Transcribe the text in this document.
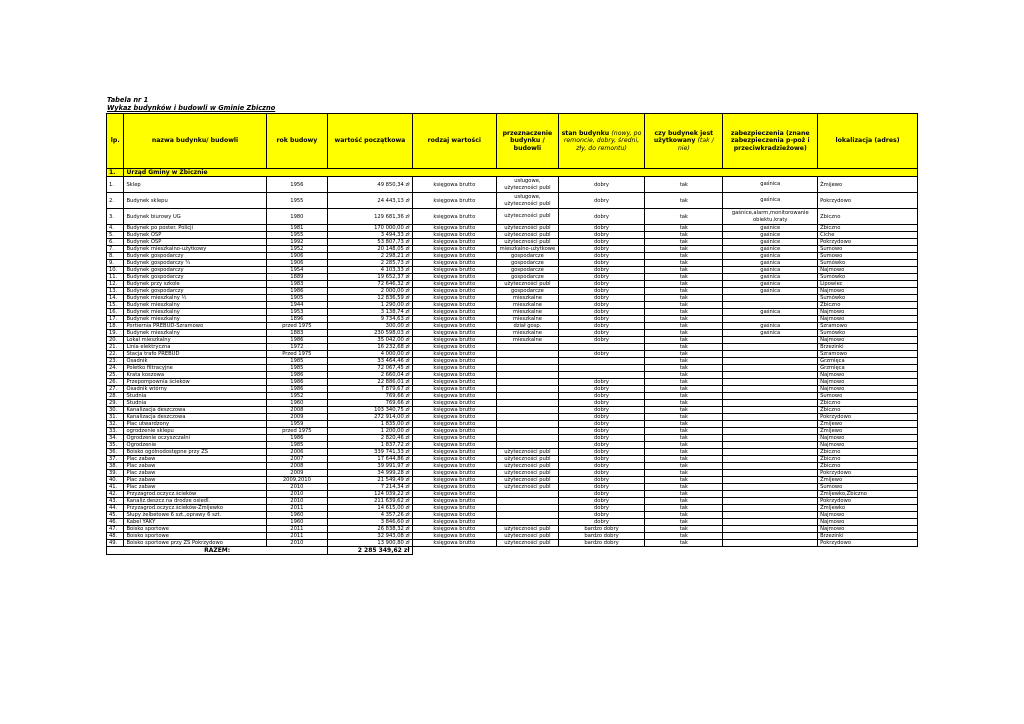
Tabela nr 1
Wykaz budynków i budowli w Gminie Zbiczno
lp.	nazwa budynku/ budowli	rok budowy	wartość początkowa	rodzaj wartości	przeznaczenie budynku / budowli	stan budynku (nowy, po remoncie, dobry, średni, zły, do remontu)	czy budynek jest użytkowany (tak / nie)	zabezpieczenia (znane zabezpieczenia p-poż i przeciwkradzieżowe)	lokalizacja (adres)
1.	Urząd Gminy w Zbicznie								
1.	Sklep	1956	49 850,34 zł	księgowa brutto	usługowe, użyteczności publ	dobry	tak	gaśnica	Żmijewo
2.	Budynek sklepu	1955	24 443,13 zł	księgowa brutto	usługowe, użyteczności publ	dobry	tak	gaśnica	Pokrzydowo
3.	Budynek biurowy UG	1980	129 681,36 zł	księgowa brutto	użyteczności publ	dobry	tak	gaśnice,alarm,monitorowanie obiektu,kraty	Zbiczno
4.	Budynek po poster. Policji	1981	170 000,00 zł	księgowa brutto	użyteczności publ	dobry	tak	gaśnice	Zbiczno
5.	Budynek OSP	1955	3 494,33 zł	księgowa brutto	użyteczności publ	dobry	tak	gaśnice	Ciche
6.	Budynek OSP	1992	53 807,73 zł	księgowa brutto	użyteczności publ	dobry	tak	gaśnice	Pokrzydowo
7.	Budynek mieszkalno-użytkowy	1952	20 148,05 zł	księgowa brutto	mieszkalno-użytkowe	dobry	tak	gaśnice	Sumowo
8.	Budynek gospodarczy	1906	2 298,21 zł	księgowa brutto	gospodarcze	dobry	tak	gaśnica	Sumowo
9.	Budynek gospodarczy ¼	1906	2 285,73 zł	księgowa brutto	gospodarcze	dobry	tak	gaśnica	Sumówko
10.	Budynek gospodarczy	1954	4 103,33 zł	księgowa brutto	gospodarcze	dobry	tak	gaśnica	Najmowo
11.	Budynek gospodarczy	1889	19 652,37 zł	księgowa brutto	gospodarcze	dobry	tak	gaśnica	Sumówko
12.	Budynek przy szkole	1983	72 646,32 zł	księgowa brutto	użyteczności publ	dobry	tak	gaśnica	Lipowiec
13.	Budynek gospodarczy	1986	2 000,00 zł	księgowa brutto	gospodarcze	dobry	tak	gaśnica	Najmowo
14.	Budynek mieszkalny ½	1905	12 836,59 zł	księgowa brutto	mieszkalne	dobry	tak		Sumówko
15.	Budynek mieszkalny	1944	1 290,00 zł	księgowa brutto	mieszkalne	dobry	tak		Zbiczno
16.	Budynek mieszkalny	1953	3 138,74 zł	księgowa brutto	mieszkalne	dobry	tak	gaśnica	Najmowo
17.	Budynek mieszkalny	1896	9 734,63 zł	księgowa brutto	mieszkalne	dobry	tak		Najmowo
18.	Portiernia PREBUD-Szramowo	przed 1975	300,00 zł	księgowa brutto	dział gosp.	dobry	tak	gaśnica	Szramowo
19.	Budynek mieszkalny	1883	230 598,03 zł	księgowa brutto	mieszkalne	dobry	tak	gaśnica	Sumówko
20.	Lokal mieszkalny	1986	35 042,00 zł	księgowa brutto	mieszkalne	dobry	tak		Najmowo
21.	Linia elektryczna	1972	16 232,68 zł	księgowa brutto			tak		Brzezinki
22.	Stacja trafo PREBUD	Przed 1975	4 000,00 zł	księgowa brutto		dobry	tak		Szramowo
23.	Osadnik	1985	33 464,46 zł	księgowa brutto			tak		Grzmięca
24.	Poletko filtracyjne	1985	72 067,45 zł	księgowa brutto			tak		Grzmięca
25.	Krata koszowa	1986	2 660,04 zł	księgowa brutto			tak		Najmowo
26.	Przepompownia ścieków	1986	22 886,01 zł	księgowa brutto		dobry	tak		Najmowo
27.	Osadnik wtórny	1986	7 879,67 zł	księgowa brutto		dobry	tak		Najmowo
28.	Studnia	1952	769,66 zł	księgowa brutto		dobry	tak		Sumowo
29.	Studnia	1960	769,66 zł	księgowa brutto		dobry	tak		Zbiczno
30.	Kanalizacja deszczowa	2008	103 340,75 zł	księgowa brutto		dobry	tak		Zbiczno
31.	Kanalizacja deszczowa	2009	272 914,00 zł	księgowa brutto		dobry	tak		Pokrzydowo
32.	Plac utwardzony	1959	1 835,00 zł	księgowa brutto		dobry	tak		Żmijewo
33.	ogrodzenie sklepu	przed 1975	1 200,00 zł	księgowa brutto		dobry	tak		Żmijewo
34.	Ogrodzenie oczyszczalni	1986	2 820,46 zł	księgowa brutto		dobry	tak		Najmowo
35.	Ogrodzenie	1985	1 837,72 zł	księgowa brutto		dobry	tak		Najmowo
36.	Boisko ogólnodostępne przy ZS	2006	339 741,33 zł	księgowa brutto	użyteczności publ	dobry	tak		Zbiczno
37.	Plac zabaw	2007	17 644,86 zł	księgowa brutto	użyteczności publ	dobry	tak		Zbiczno
38.	Plac zabaw	2008	39 991,97 zł	księgowa brutto	użyteczności publ	dobry	tak		Zbiczno
39.	Plac zabaw	2009	34 999,28 zł	księgowa brutto	użyteczności publ	dobry	tak		Pokrzydowo
40.	Plac zabaw	2009,2010	21 549,49 zł	księgowa brutto	użyteczności publ	dobry	tak		Żmijewo
41.	Plac zabaw	2010	7 214,34 zł	księgowa brutto	użyteczności publ	dobry	tak		Sumowo
42.	Przyzagrod.oczycz.ścieków	2010	124 039,22 zł	księgowa brutto		dobry	tak		Żmijewko,Zbiczno
43.	Kanaliz.deszcz.na drodze osiedl.	2010	211 639,62 zł	księgowa brutto		dobry	tak		Pokrzydowo
44.	Przyzagrod.oczycz.ścieków-Żmijewko	2011	14 615,00 zł	księgowa brutto		dobry	tak		Żmijewko
45.	Słupy żelbetowe 6 szt.,oprawy 6 szt.	1960	4 357,26 zł	księgowa brutto		dobry	tak		Najmowo
46.	Kabel YAKY	1960	3 846,60 zł	księgowa brutto		dobry	tak		Najmowo
47.	Boisko sportowe	2011	26 838,32 zł	księgowa brutto	użyteczności publ	bardzo dobry	tak		Najmowo
48.	Boisko sportowe	2011	32 943,08 zł	księgowa brutto	użyteczności publ	bardzo dobry	tak		Brzezinki
49.	Boisko sportowe przy ZS Pokrzydowo	2010	13 900,80 zł	księgowa brutto	użyteczności publ	bardzo dobry	tak		Pokrzydowo
RAZEM:			2 285 349,62 zł						
